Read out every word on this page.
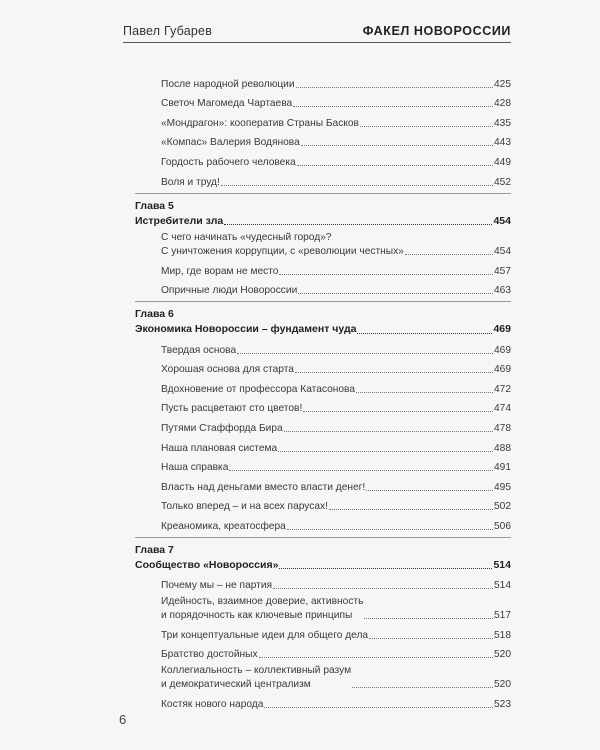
Павел Губарев	ФАКЕЛ НОВОРОССИИ
После народной революции	425
Светоч Магомеда Чартаева	428
«Мондрагон»: кооператив Страны Басков	435
«Компас» Валерия Водянова	443
Гордость рабочего человека	449
Воля и труд!	452
Глава 5
Истребители зла	454
С чего начинать «чудесный город»?
С уничтожения коррупции, с «революции честных»	454
Мир, где ворам не место	457
Опричные люди Новороссии	463
Глава 6
Экономика Новороссии – фундамент чуда	469
Твердая основа	469
Хорошая основа для старта	469
Вдохновение от профессора Катасонова	472
Пусть расцветают сто цветов!	474
Путями Стаффорда Бира	478
Наша плановая система	488
Наша справка	491
Власть над деньгами вместо власти денег!	495
Только вперед – и на всех парусах!	502
Креаномика, креатосфера	506
Глава 7
Сообщество «Новороссия»	514
Почему мы – не партия	514
Идейность, взаимное доверие, активность
и порядочность как ключевые принципы	517
Три концептуальные идеи для общего дела	518
Братство достойных	520
Коллегиальность – коллективный разум
и демократический централизм	520
Костяк нового народа	523
6
